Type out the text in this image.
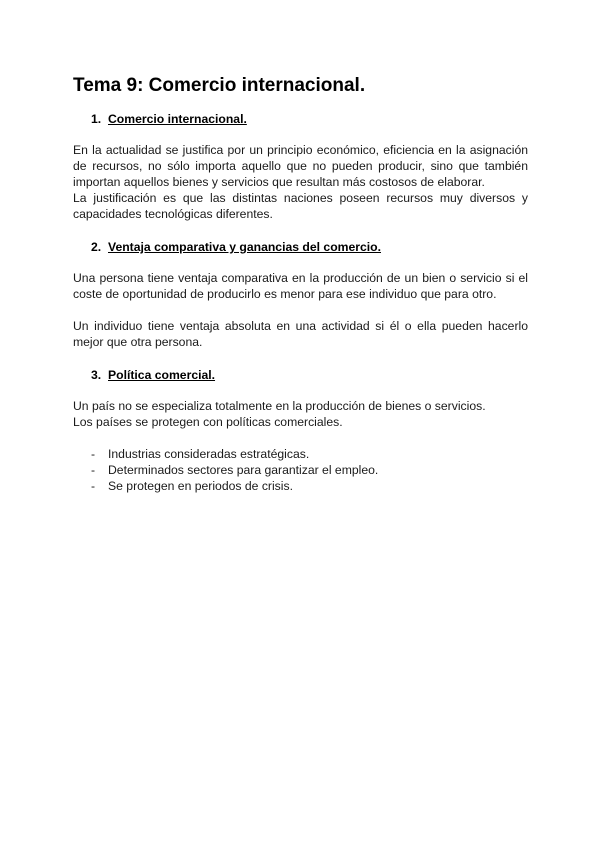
Tema 9: Comercio internacional.
1. Comercio internacional.
En la actualidad se justifica por un principio económico, eficiencia en la asignación
de recursos, no sólo importa aquello que no pueden producir, sino que también
importan aquellos bienes y servicios que resultan más costosos de elaborar.
La justificación es que las distintas naciones poseen recursos muy diversos y
capacidades tecnológicas diferentes.
2. Ventaja comparativa y ganancias del comercio.
Una persona tiene ventaja comparativa en la producción de un bien o servicio si el
coste de oportunidad de producirlo es menor para ese individuo que para otro.
Un individuo tiene ventaja absoluta en una actividad si él o ella pueden hacerlo
mejor que otra persona.
3. Política comercial.
Un país no se especializa totalmente en la producción de bienes o servicios.
Los países se protegen con políticas comerciales.
- Industrias consideradas estratégicas.
- Determinados sectores para garantizar el empleo.
- Se protegen en periodos de crisis.
